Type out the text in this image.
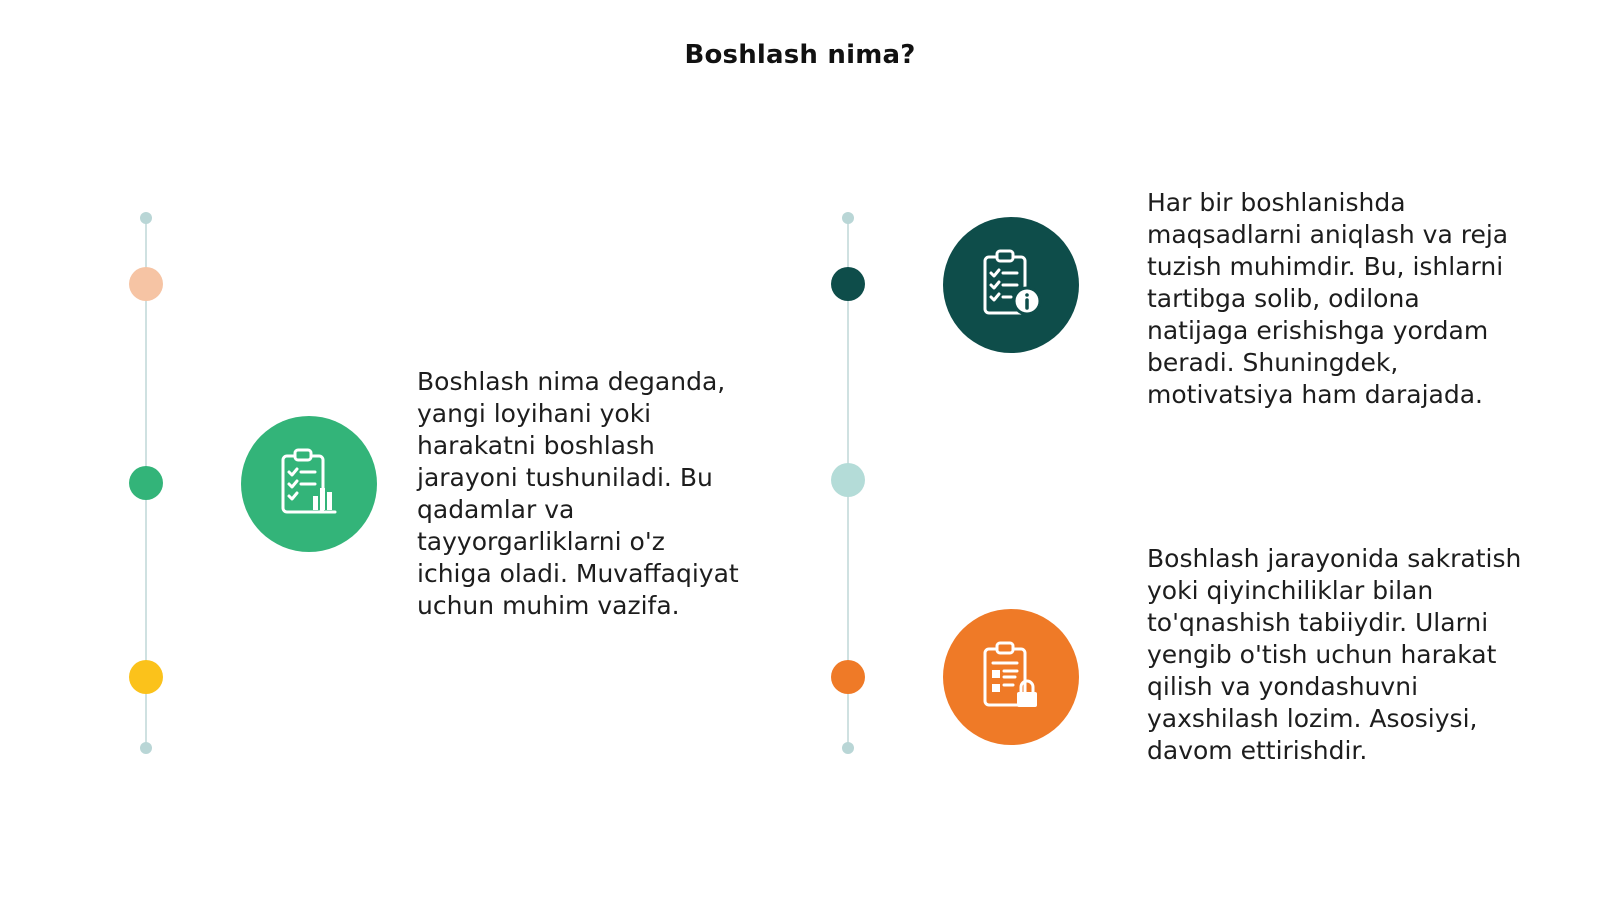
Boshlash nima?
Boshlash nima deganda, yangi loyihani yoki harakatni boshlash jarayoni tushuniladi. Bu qadamlar va tayyorgarliklarni o'z ichiga oladi. Muvaffaqiyat uchun muhim vazifa.
Har bir boshlanishda maqsadlarni aniqlash va reja tuzish muhimdir. Bu, ishlarni tartibga solib, odilona natijaga erishishga yordam beradi. Shuningdek, motivatsiya ham darajada.
Boshlash jarayonida sakratish yoki qiyinchiliklar bilan to'qnashish tabiiydir. Ularni yengib o'tish uchun harakat qilish va yondashuvni yaxshilash lozim. Asosiysi, davom ettirishdir.
